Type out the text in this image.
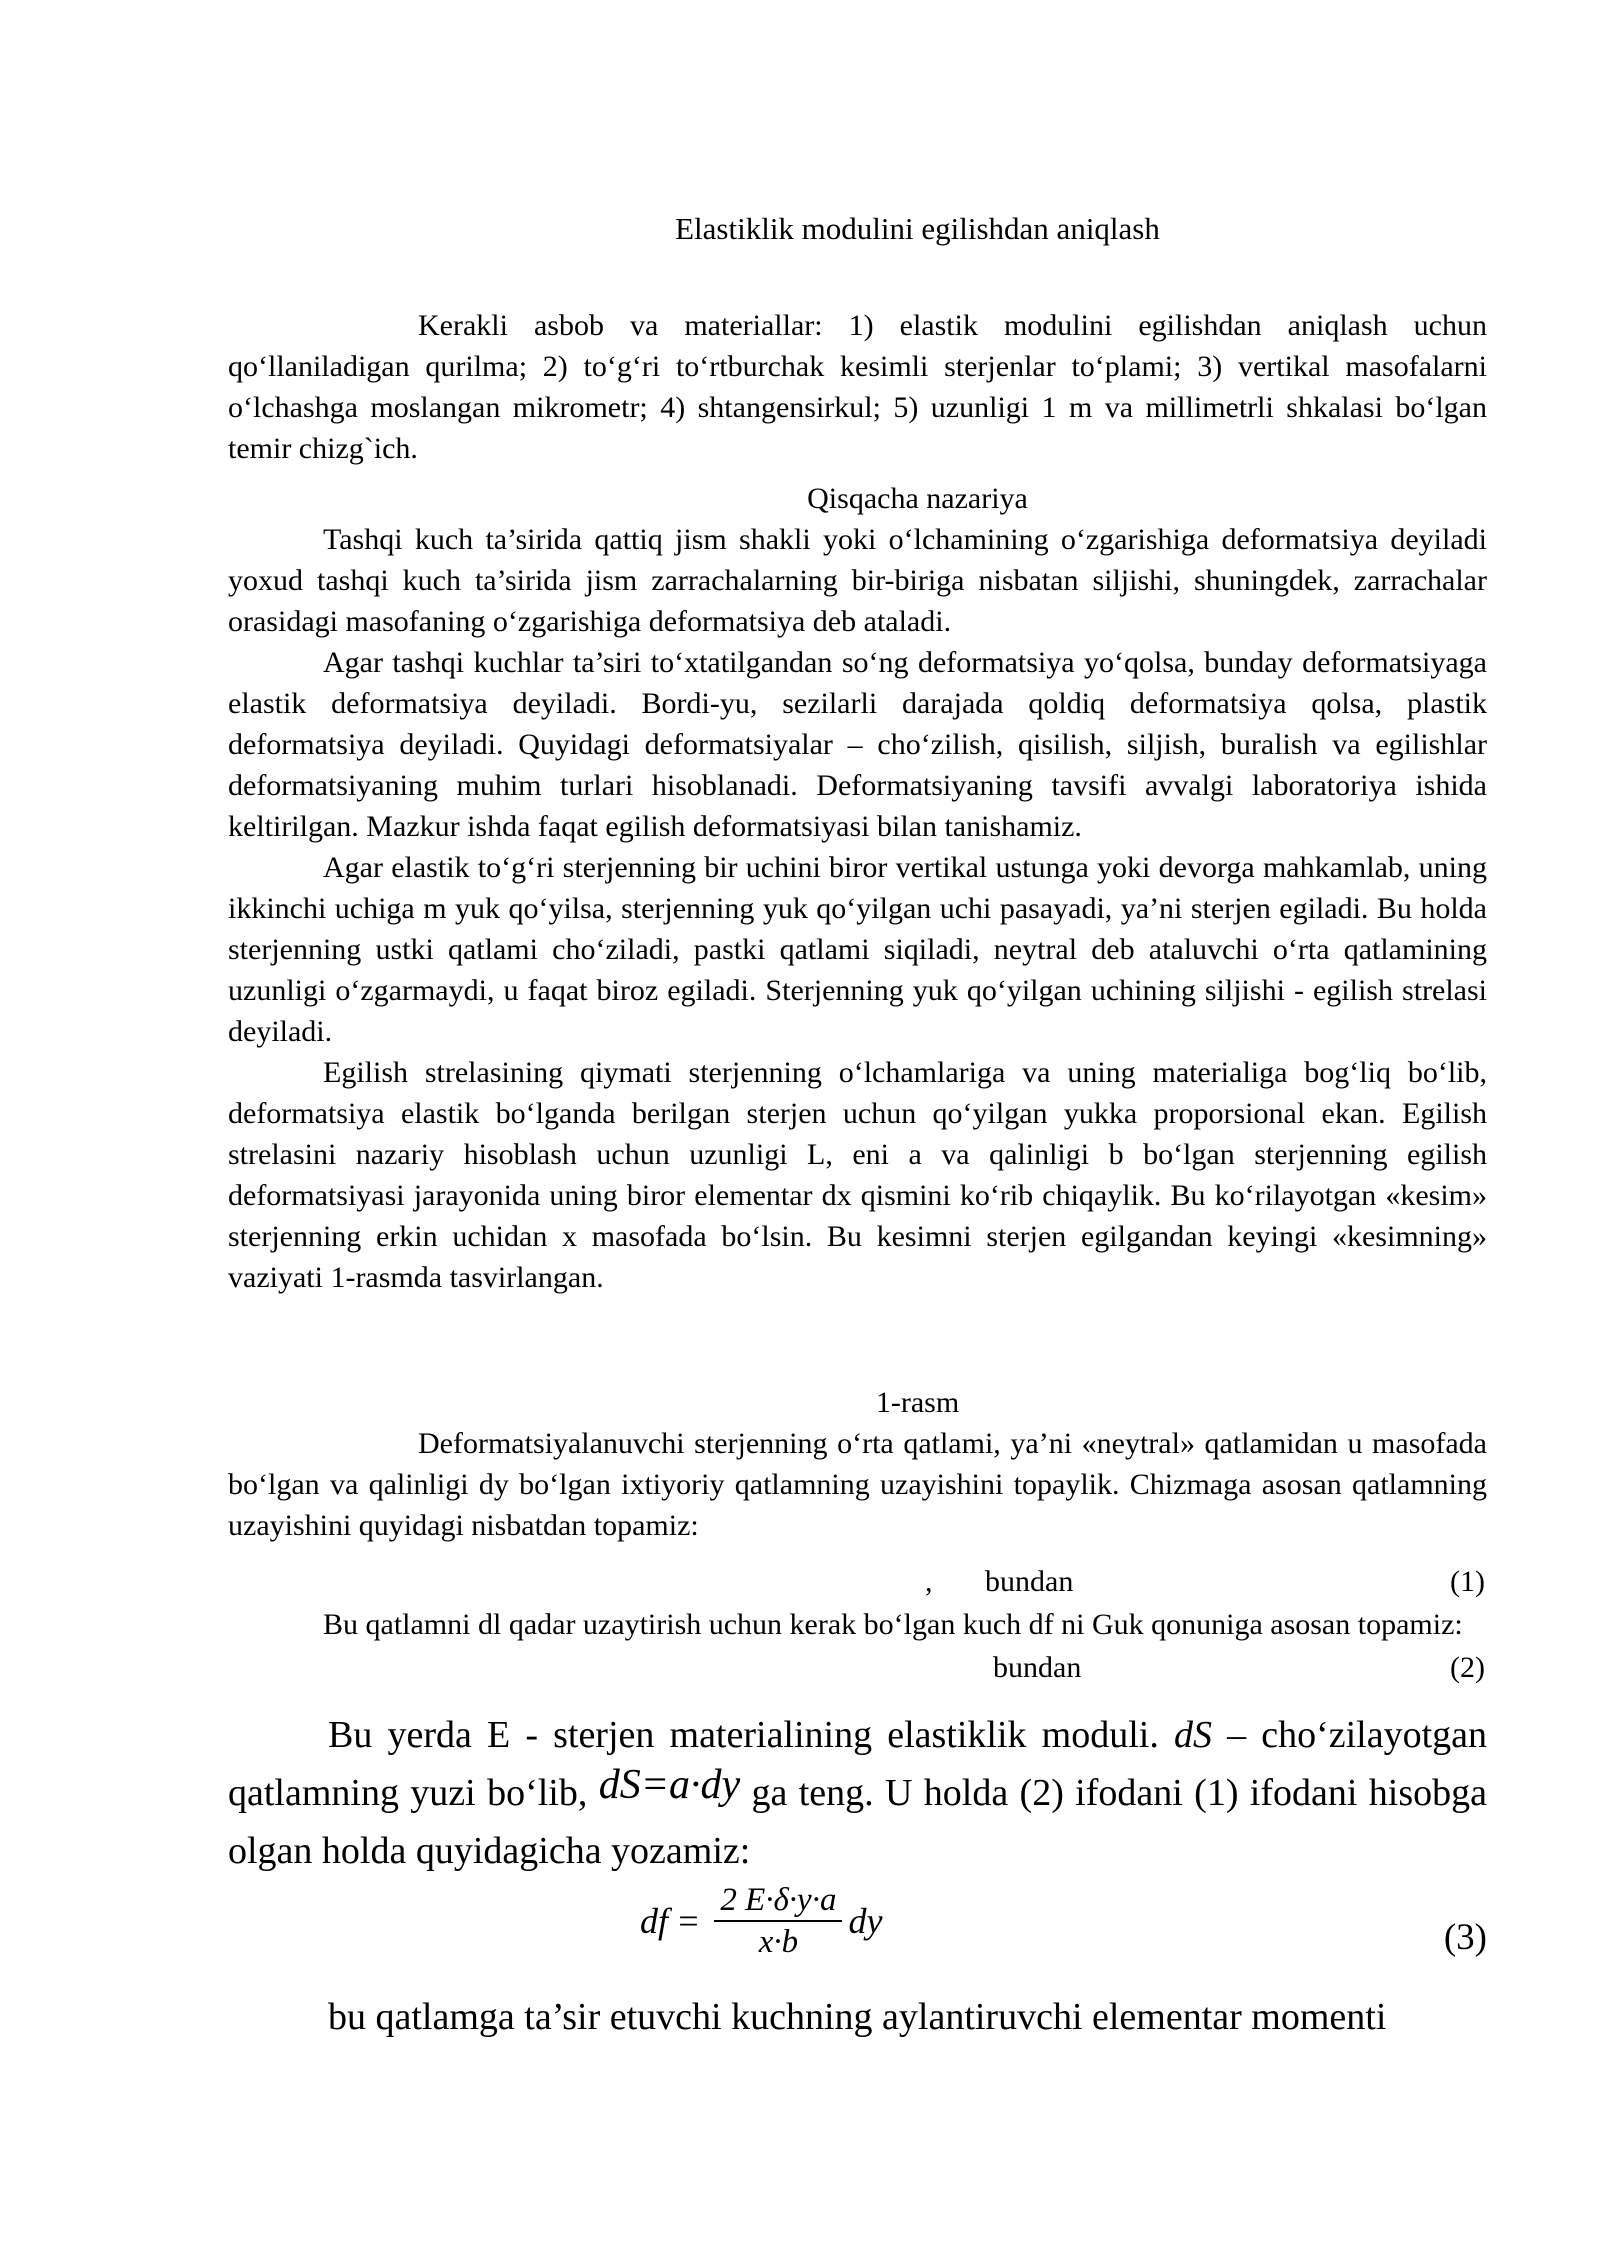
Elastiklik modulini egilishdan aniqlash

Kerakli asbob va materiallar: 1) elastik modulini egilishdan aniqlash uchun qo‘llaniladigan qurilma; 2) to‘g‘ri to‘rtburchak kesimli sterjenlar to‘plami; 3) vertikal masofalarni o‘lchashga moslangan mikrometr; 4) shtangensirkul; 5) uzunligi 1 m va millimetrli shkalasi bo‘lgan temir chizg`ich.

Qisqacha nazariya

Tashqi kuch ta’sirida qattiq jism shakli yoki o‘lchamining o‘zgarishiga deformatsiya deyiladi yoxud tashqi kuch ta’sirida jism zarrachalarning bir-biriga nisbatan siljishi, shuningdek, zarrachalar orasidagi masofaning o‘zgarishiga deformatsiya deb ataladi.

Agar tashqi kuchlar ta’siri to‘xtatilgandan so‘ng deformatsiya yo‘qolsa, bunday deformatsiyaga elastik deformatsiya deyiladi. Bordi-yu, sezilarli darajada qoldiq deformatsiya qolsa, plastik deformatsiya deyiladi. Quyidagi deformatsiyalar – cho‘zilish, qisilish, siljish, buralish va egilishlar deformatsiyaning muhim turlari hisoblanadi. Deformatsiyaning tavsifi avvalgi laboratoriya ishida keltirilgan. Mazkur ishda faqat egilish deformatsiyasi bilan tanishamiz.

Agar elastik to‘g‘ri sterjenning bir uchini biror vertikal ustunga yoki devorga mahkamlab, uning ikkinchi uchiga m yuk qo‘yilsa, sterjenning yuk qo‘yilgan uchi pasayadi, ya’ni sterjen egiladi. Bu holda sterjenning ustki qatlami cho‘ziladi, pastki qatlami siqiladi, neytral deb ataluvchi o‘rta qatlamining uzunligi o‘zgarmaydi, u faqat biroz egiladi. Sterjenning yuk qo‘yilgan uchining siljishi - egilish strelasi deyiladi.

Egilish strelasining qiymati sterjenning o‘lchamlariga va uning materialiga bog‘liq bo‘lib, deformatsiya elastik bo‘lganda berilgan sterjen uchun qo‘yilgan yukka proporsional ekan. Egilish strelasini nazariy hisoblash uchun uzunligi L, eni a va qalinligi b bo‘lgan sterjenning egilish deformatsiyasi jarayonida uning biror elementar dx qismini ko‘rib chiqaylik. Bu ko‘rilayotgan «kesim» sterjenning erkin uchidan x masofada bo‘lsin. Bu kesimni sterjen egilgandan keyingi «kesimning» vaziyati 1-rasmda tasvirlangan.

1-rasm

Deformatsiyalanuvchi sterjenning o‘rta qatlami, ya’ni «neytral» qatlamidan u masofada bo‘lgan va qalinligi dy bo‘lgan ixtiyoriy qatlamning uzayishini topaylik. Chizmaga asosan qatlamning uzayishini quyidagi nisbatdan topamiz:

, bundan	(1)

Bu qatlamni dl qadar uzaytirish uchun kerak bo‘lgan kuch df ni Guk qonuniga asosan topamiz:

bundan	(2)

Bu yerda E - sterjen materialining elastiklik moduli. dS – cho‘zilayotgan qatlamning yuzi bo‘lib, dS=a·dy ga teng. U holda (2) ifodani (1) ifodani hisobga olgan holda quyidagicha yozamiz:

df = $\frac{2 E\cdot\delta\cdot y\cdot a}{x\cdot b}$ dy	(3)

bu qatlamga ta’sir etuvchi kuchning aylantiruvchi elementar momenti
